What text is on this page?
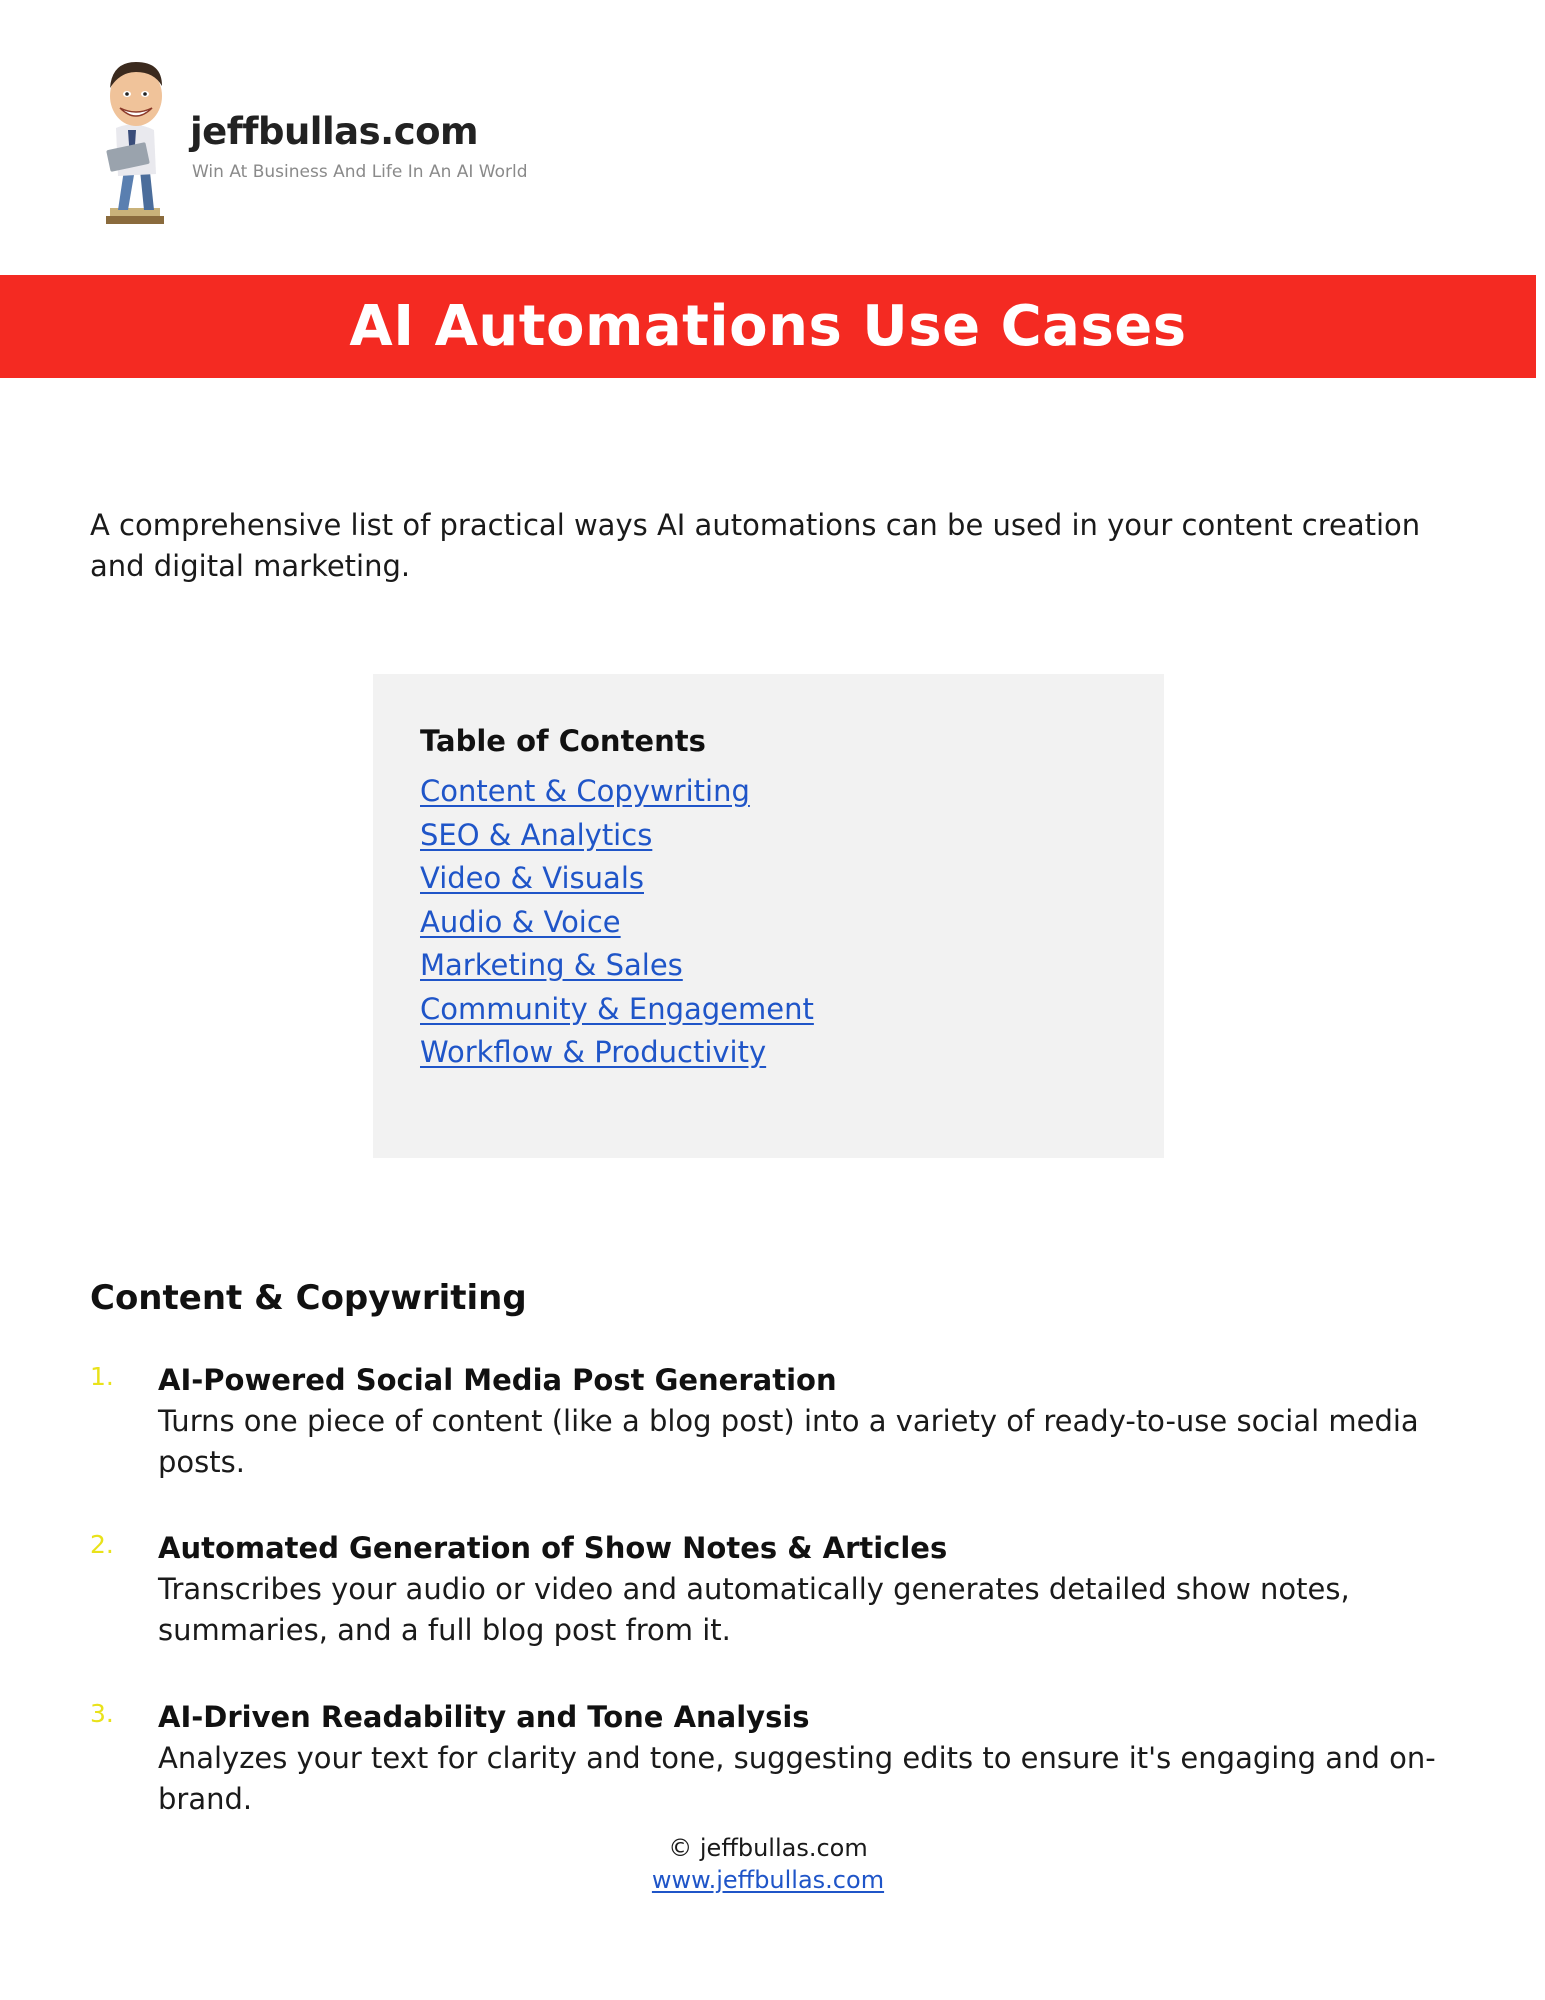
jeffbullas.com
Win At Business And Life In An AI World
AI Automations Use Cases

A comprehensive list of practical ways AI automations can be used in your content creation and digital marketing.

Table of Contents
Content & Copywriting
SEO & Analytics
Video & Visuals
Audio & Voice
Marketing & Sales
Community & Engagement
Workflow & Productivity
Content & Copywriting
1. AI-Powered Social Media Post Generation
Turns one piece of content (like a blog post) into a variety of ready-to-use social media posts.
2. Automated Generation of Show Notes & Articles
Transcribes your audio or video and automatically generates detailed show notes, summaries, and a full blog post from it.
3. AI-Driven Readability and Tone Analysis
Analyzes your text for clarity and tone, suggesting edits to ensure it's engaging and on-brand.
© jeffbullas.com
www.jeffbullas.com
